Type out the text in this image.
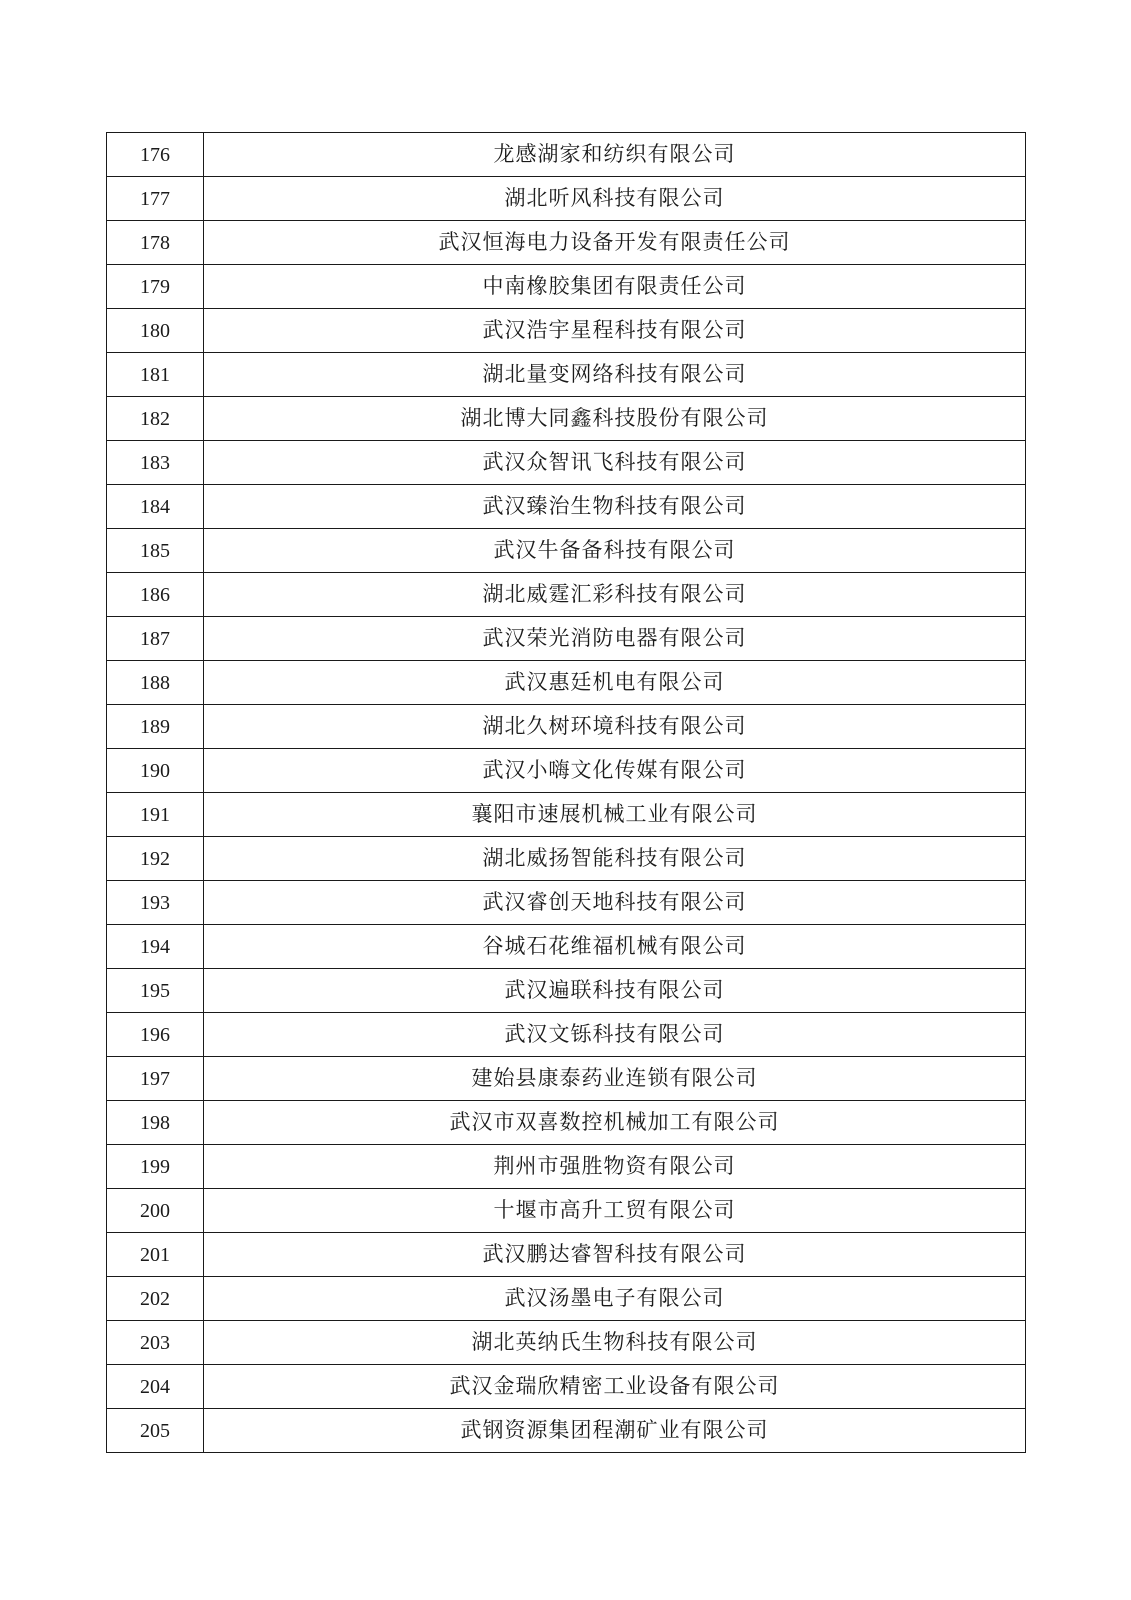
176	龙感湖家和纺织有限公司
177	湖北听风科技有限公司
178	武汉恒海电力设备开发有限责任公司
179	中南橡胶集团有限责任公司
180	武汉浩宇星程科技有限公司
181	湖北量变网络科技有限公司
182	湖北博大同鑫科技股份有限公司
183	武汉众智讯飞科技有限公司
184	武汉臻治生物科技有限公司
185	武汉牛备备科技有限公司
186	湖北威霆汇彩科技有限公司
187	武汉荣光消防电器有限公司
188	武汉惠廷机电有限公司
189	湖北久树环境科技有限公司
190	武汉小嗨文化传媒有限公司
191	襄阳市速展机械工业有限公司
192	湖北威扬智能科技有限公司
193	武汉睿创天地科技有限公司
194	谷城石花维福机械有限公司
195	武汉遍联科技有限公司
196	武汉文铄科技有限公司
197	建始县康泰药业连锁有限公司
198	武汉市双喜数控机械加工有限公司
199	荆州市强胜物资有限公司
200	十堰市高升工贸有限公司
201	武汉鹏达睿智科技有限公司
202	武汉汤墨电子有限公司
203	湖北英纳氏生物科技有限公司
204	武汉金瑞欣精密工业设备有限公司
205	武钢资源集团程潮矿业有限公司
